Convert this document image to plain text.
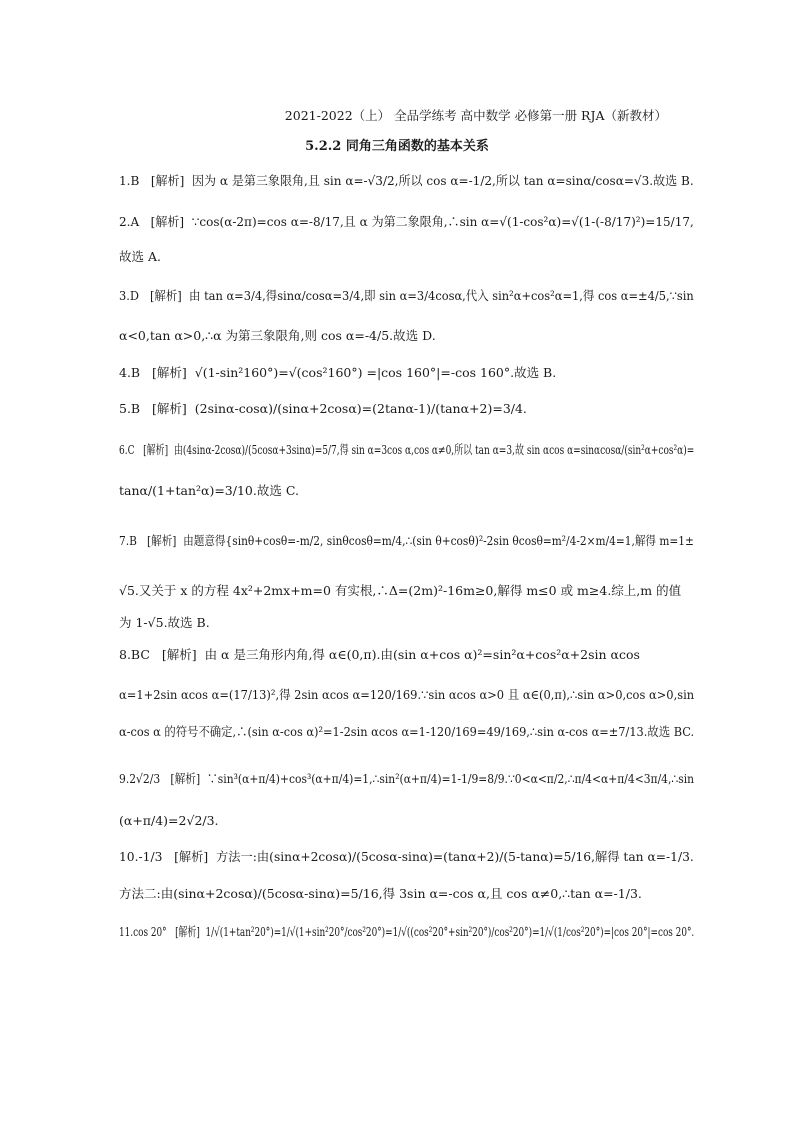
2021-2022（上） 全品学练考 高中数学 必修第一册 RJA（新教材）
5.2.2 同角三角函数的基本关系
1.B [解析] 因为 α 是第三象限角,且 sin α=-√3/2,所以 cos α=-1/2,所以 tan α=sinα/cosα=√3.故选 B.
2.A [解析] ∵cos(α-2π)=cos α=-8/17,且 α 为第二象限角,∴sin α=√(1-cos²α)=√(1-(-8/17)²)=15/17,
故选 A.
3.D [解析] 由 tan α=3/4,得sinα/cosα=3/4,即 sin α=3/4cosα,代入 sin²α+cos²α=1,得 cos α=±4/5,∵sin
α<0,tan α>0,∴α 为第三象限角,则 cos α=-4/5.故选 D.
4.B [解析] √(1-sin²160°)=√(cos²160°) =|cos 160°|=-cos 160°.故选 B.
5.B [解析] (2sinα-cosα)/(sinα+2cosα)=(2tanα-1)/(tanα+2)=3/4.
6.C [解析] 由(4sinα-2cosα)/(5cosα+3sinα)=5/7,得 sin α=3cos α,cos α≠0,所以 tan α=3,故 sin αcos α=sinαcosα/(sin²α+cos²α)=
tanα/(1+tan²α)=3/10.故选 C.
7.B [解析] 由题意得{sinθ+cosθ=-m/2, sinθcosθ=m/4,∴(sin θ+cosθ)²-2sin θcosθ=m²/4-2×m/4=1,解得 m=1±
√5.又关于 x 的方程 4x²+2mx+m=0 有实根,∴Δ=(2m)²-16m≥0,解得 m≤0 或 m≥4.综上,m 的值
为 1-√5.故选 B.
8.BC [解析] 由 α 是三角形内角,得 α∈(0,π).由(sin α+cos α)²=sin²α+cos²α+2sin αcos
α=1+2sin αcos α=(17/13)²,得 2sin αcos α=120/169.∵sin αcos α>0 且 α∈(0,π),∴sin α>0,cos α>0,sin
α-cos α 的符号不确定,∴(sin α-cos α)²=1-2sin αcos α=1-120/169=49/169,∴sin α-cos α=±7/13.故选 BC.
9.2√2/3 [解析] ∵sin³(α+π/4)+cos³(α+π/4)=1,∴sin²(α+π/4)=1-1/9=8/9.∵0<α<π/2,∴π/4<α+π/4<3π/4,∴sin
(α+π/4)=2√2/3.
10.-1/3 [解析] 方法一:由(sinα+2cosα)/(5cosα-sinα)=(tanα+2)/(5-tanα)=5/16,解得 tan α=-1/3.
方法二:由(sinα+2cosα)/(5cosα-sinα)=5/16,得 3sin α=-cos α,且 cos α≠0,∴tan α=-1/3.
11.cos 20° [解析] 1/√(1+tan²20°)=1/√(1+sin²20°/cos²20°)=1/√((cos²20°+sin²20°)/cos²20°)=1/√(1/cos²20°)=|cos 20°|=cos 20°.
